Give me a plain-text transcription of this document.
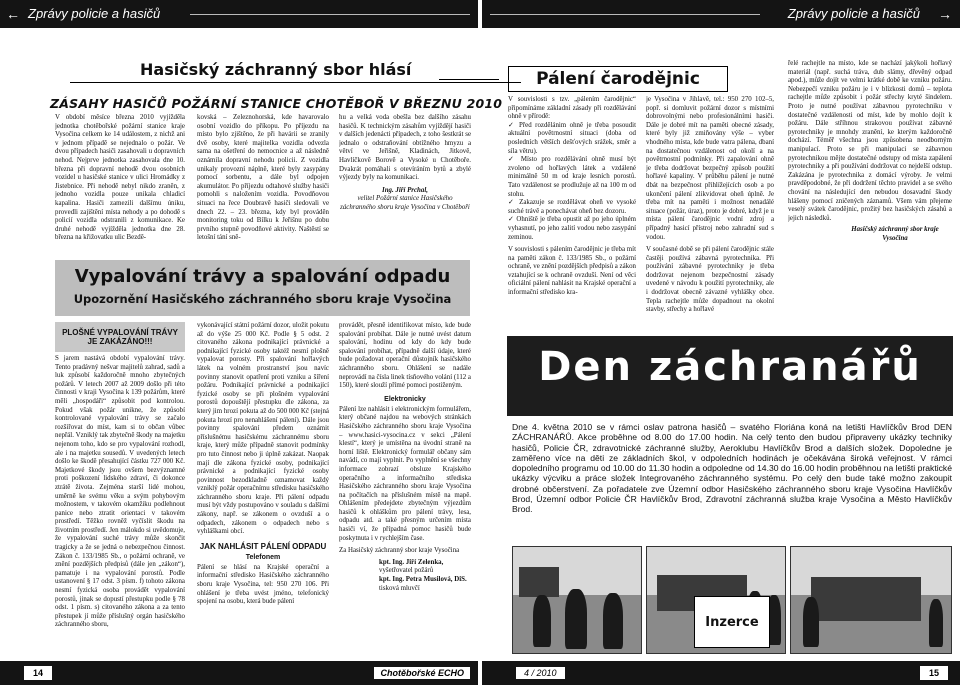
← Zprávy policie a hasičů	Zprávy policie a hasičů →
Hasičský záchranný sbor hlásí
ZÁSAHY HASIČŮ POŽÁRNÍ STANICE CHOTĚBOŘ V BŘEZNU 2010

V období měsíce března 2010 vyjížděla jednotka chotěbořské požární stanice kraje Vysočina celkem ke 14 událostem, z nichž ani v jednom případě se nejednalo o požár. Ve dvou případech hasiči zasahovali u dopravních nehod. Nejprve jednotka zasahovala dne 10. března při dopravní nehodě dvou osobních vozidel u hasičské stanice v ulici Hromádky z Jistebnice. Při nehodě nebyl nikdo zraněn, z jednoho vozidla pouze unikala chladicí kapalina. Hasiči zamezili dalšímu úniku, provedli zajištění místa nehody a po dohodě s policií vozidla odstranili z komunikace. Ke druhé nehodě vyjížděla jednotka dne 28. března na křižovatku ulic Bezdě-

kovská – Železnohorská, kde havarovalo osobní vozidlo do příkopu. Po příjezdu na místo bylo zjištěno, že při havárii se zranily dvě osoby, které majitelka vozidla odvezla sama na ošetření do nemocnice a až následně oznámila dopravní nehodu policii. Z vozidla unikaly provozní náplně, které byly zasypány pomocí sorbentu, a dále byl odpojen akumulátor. Po příjezdu odtahové služby hasiči pomohli s naložením vozidla. Povodňovou situaci na řece Doubravě hasiči sledovali ve dnech 22. – 23. března, kdy byl prováděn monitoring toku od Bílku k Jeřišnu po dobu prvního stupně povodňové aktivity. Naštěstí se letošní tání sně-

hu a velká voda obešla bez dalšího zásahu hasičů. K technickým zásahům vyjíždějí hasiči v dalších jedenácti případech, z toho šestkrát se jednalo o odstraňování obtížného hmyzu a větví ve Jeřišně, Kladinách, Jitkově, Havlíčkově Borově a Vysoké u Chotěboře. Dvakrát pomáhali s otevíráním bytů a zbylé výjezdy byly na komunikaci.

Ing. Jiří Prchal,
velitel Požární stanice Hasičského záchranného sboru kraje Vysočina v Chotěboři
Vypalování trávy a spalování odpadu
Upozornění Hasičského záchranného sboru kraje Vysočina
PLOŠNÉ VYPALOVÁNÍ TRÁVY JE ZAKÁZÁNO!!!

S jarem nastává období vypalování trávy. Tento pradávný nešvar majitelů zahrad, sadů a luk způsobí každoročně mnoho zbytečných požárů. V letech 2007 až 2009 došlo při této činnosti v kraji Vysočina k 139 požárům, které měli „hospodáři“ způsobit pod kontrolou. Pokud však požár unikne, že způsobí kontrolované vypalování trávy se začalo rozšiřovat do míst, kam si to občan vůbec nepřál. Vzniklý tak zbytečně škody na majetku nejenom toho, kdo se pro vypalování rozhodl, ale i na majetku sousedů. V uvedených letech došlo ke škodě přesahující částku 727 000 Kč. Majetkové škody jsou ovšem bezvýznamné proti poškození lidského zdraví, či dokonce ztrátě života. Zejména starší lidé mohou, uměrně ke svému věku a svým pohybovým možnostem, v takovém okamžiku podlehnout panice nebo ztratit orientaci v takovém prostředí. Těžko rovněž vyčíslit škodu na životním prostředí. Jen málokdo si uvědomuje, že vypalování suché trávy může skončit tragicky a že se jedná o nebezpečnou činnost. Zákon č. 133/1985 Sb., o požární ochraně, ve znění pozdějších předpisů (dále jen „zákon“), pamatuje i na vypalování porostů. Podle ustanovení § 17 odst. 3 písm. f) tohoto zákona nesmí fyzická osoba provádět vypalování porostů, jinak se dopustí přestupku podle § 78 odst. 1 písm. s) citovaného zákona a za tento přestupek jí může příslušný orgán hasičského záchranného sboru,

vykonávající státní požární dozor, uložit pokutu až do výše 25 000 Kč. Podle § 5 odst. 2 citovaného zákona podnikající právnické a podnikající fyzické osoby taktéž nesmí plošně vypalovat porosty. Při spalování hořlavých látek na volném prostranství jsou navíc povinny stanovit opatření proti vzniku a šíření požáru. Podnikající právnické a podnikající fyzické osoby se při plošném vypalování porostů dopouštějí přestupku dle zákona, za který jim hrozí pokuta až do 500 000 Kč (stejná pokuta hrozí pro nenahlášení pálení). Dále jsou povinny spalování předem oznámit příslušnému hasičskému záchrannému sboru kraje, který může případně stanovit podmínky pro tuto činnost nebo ji úplně zakázat. Naopak mají dle zákona fyzické osoby, podnikající právnické a podnikající fyzické osoby povinnost bezodkladně oznamovat každý vzniklý požár operačnímu středisku hasičského záchranného sboru kraje. Při pálení odpadu musí být vždy postupováno v souladu s dalšími zákony, např. se zákonem o ovzduší a o odpadech, zákonem o odpadech nebo s vyhláškami obcí.

JAK NAHLÁSIT PÁLENÍ ODPADU
Telefonem

Pálení se hlásí na Krajské operační a informační středisko Hasičského záchranného sboru kraje Vysočina, tel: 950 270 106. Při ohlášení je třeba uvést jméno, telefonický spojení na osobu, která bude pálení

provádět, přesně identifikovat místo, kde bude spalování probíhat. Dále je nutné uvést datum spalování, hodinu od kdy do kdy bude spalování probíhat, případně další údaje, které bude požadovat operační důstojník hasičského záchranného sboru. Ohlášení se nadále neprovádí na čísla linek tísňového volání (112 a 150), které slouží přímé pomoci postiženým.

Elektronicky

Pálení lze nahlásit i elektronickým formulářem, který občané najdou na webových stránkách Hasičského záchranného sboru kraje Vysočina – www.hasici-vysocina.cz v sekci „Pálení klestí“, který je umístěna na úvodní straně na horní liště. Elektronický formulář občany sám navádí, co mají vyplnit. Po vyplnění se všechny informace zobrazí obsluze Krajského operačního a informačního střediska Hasičského záchranného sboru kraje Vysočina na počítačích na příslušném místě na mapě. Ohlášením předejdete zbytečným výjezdům hasičů k ohláškům pro pálení trávy, lesa, odpadu atd. a také přesným určením místa hasiči ví, že případná pomoc hasičů bude poskytnuta i v rychlejším čase.

Za Hasičský záchranný sbor kraje Vysočina

kpt. Ing. Jiří Zelenka,
vyšetřovatel požárů
kpt. Ing. Petra Musilová, DiS.
tisková mluvčí
Pálení čarodějnic

V souvislosti s tzv. „pálením čarodějnic“ připomínáme základní zásady při rozdělávání ohně v přírodě:

✓ Před rozdělánim ohně je třeba posoudit aktuální povětrnostní situaci (doba od posledních větších dešťových srážek, směr a síla větru).
✓ Místo pro rozdělávání ohně musí být zvoleno od hořlavých látek a vzdálené minimálně 50 m od kraje lesních porostů. Tato vzdálenost se prodlužuje až na 100 m od stohu.
✓ Zakazuje se rozdělávat oheň ve vysoké suché trávě a ponechávat oheň bez dozoru.
✓ Ohniště je třeba opustit až po jeho úplném vyhasnutí, po jeho zalití vodou nebo zasypání zeminou.

V souvislosti s pálením čarodějnic je třeba mít na paměti zákon č. 133/1985 Sb., o požární ochraně, ve znění pozdějších předpisů a zákon vztahující se k ochraně ovzduší. Není od věci oficiální pálení nahlásit na Krajské operační a informační středisko kra-

je Vysočina v Jihlavě, tel.: 950 270 102–5, popř. si domluvit požární dozor s místními dobrovolnými nebo profesionálními hasiči. Dále je dobré mít na paměti obecné zásady, které byly již zmiňovány výše – vyber vhodného místa, kde bude vatra pálena, dbaní na dostatečnou vzdálenost od okolí a na povětrnostní podmínky. Při zapalování ohně je třeba dodržovat bezpečný způsob použití hořlavé kapaliny. V průběhu pálení je nutné dbát na bezpečnost přihlížejících osob a po ukončení pálení zlikvidovat oheň úplně. Je třeba mít na paměti i možnost nenadálé situace (požár, úraz), proto je dobré, když je u místa pálení čarodějnic vodní zdroj a případný hasicí přístroj nebo zahradní sud s vodou.

V současné době se při pálení čarodějnic stále častěji používá zábavná pyrotechnika. Při používání zábavné pyrotechniky je třeba dodržovat nejenom bezpečnostní zásady uvedené v návodu k použití pyrotechniky, ale i dodržovat obecně závazné vyhlášky obce. Tepla rachejtle může dopadnout na okolní stavby, střechy a hořlavé

řelé rachejtle na místo, kde se nachází jakýkoli hořlavý materiál (např. suchá tráva, dub slámy, dřevěný odpad apod.), může dojít ve velmi krátké době ke vzniku požáru. Nebezpečí vzniku požáru je i v blízkosti domů – teplota rachejtle může způsobit i požár střechy kryté šindelem. Proto je nutné používat zábavnou pyrotechniku v dostatečné vzdálenosti od míst, kde by mohlo dojít k požáru. Dále stříhnou strakovou používat zábavné pyrotechniky je mnohdy zranění, ke kterým každoročně dochází. Téměř všechna jsou způsobena neodborným manipulací. Proto se při manipulaci se zábavnou pyrotechnikou mějte dostatečné odstupy od místa zapálení pyrotechniky a při používání dodržovat co nejdelší odstup. Zakázána je pyrotechnika z domácí výroby. Je velmi pravděpodobné, že při dodržení těchto pravidel a se svého chování na následující den nebudou dosavadní škody hlášeny pomocí zničených záznamů. Všem vám přejeme veselý svátek čarodějnic, prožitý bez hasičských zásahů a jejich následků.

Hasičský záchranný sbor kraje Vysočina
Den záchranářů
Dne 4. května 2010 se v rámci oslav patrona hasičů – svatého Floriána koná na letišti Havlíčkův Brod DEN ZÁCHRANÁŘŮ. Akce proběhne od 8.00 do 17.00 hodin. Na celý tento den budou připraveny ukázky techniky hasičů, Policie ČR, zdravotnické záchranné služby, Aeroklubu Havlíčkův Brod a dalších složek. Dopoledne je zaměřeno více na děti ze základních škol, v odpoledních hodinách je očekávána široká veřejnost. V rámci dopoledního programu od 10.00 do 11.30 hodin a odpoledne od 14.30 do 16.00 hodin proběhnou na letišti praktické ukázky výcviku a práce složek Integrovaného záchranného systému. Po celý den bude také možno zakoupit drobné občerstvení. Za pořadatele zve Územní odbor Hasičského záchranného sboru kraje Vysočina Havlíčkův Brod, Územní odbor Policie ČR Havlíčkův Brod, Zdravotní záchranná služba kraje Vysočina a Město Havlíčkův Brod.
Inzerce
14	Chotěbořské ECHO	4 / 2010	15
